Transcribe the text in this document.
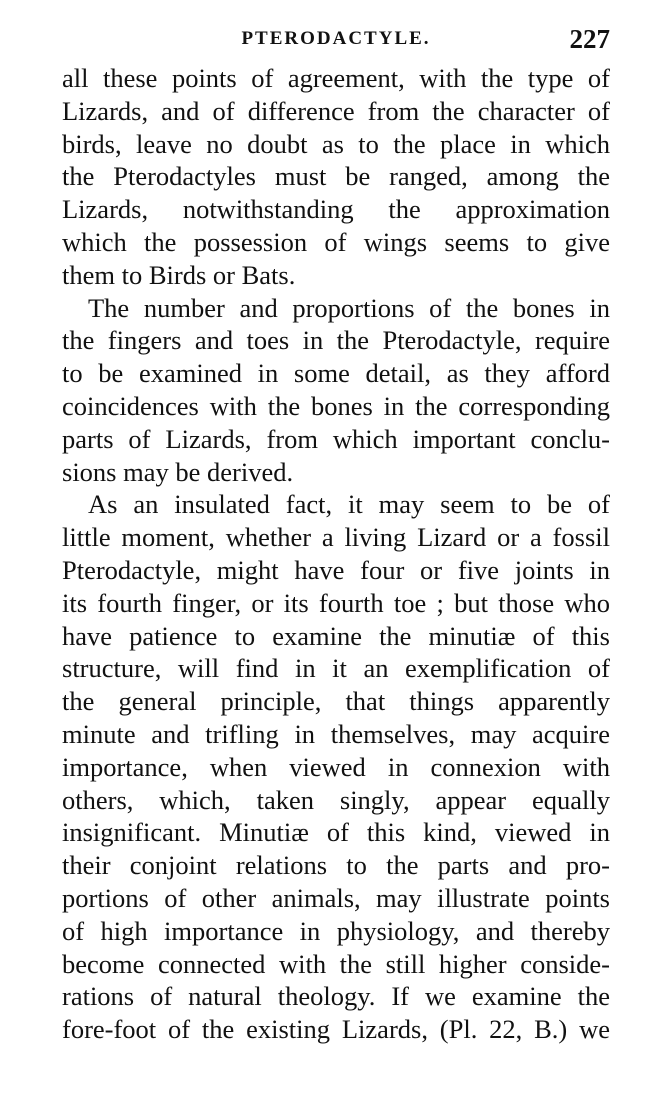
PTERODACTYLE.	227
all these points of agreement, with the type of
Lizards, and of difference from the character of
birds, leave no doubt as to the place in which
the Pterodactyles must be ranged, among the
Lizards, notwithstanding the approximation
which the possession of wings seems to give
them to Birds or Bats.
The number and proportions of the bones in
the fingers and toes in the Pterodactyle, require
to be examined in some detail, as they afford
coincidences with the bones in the corresponding
parts of Lizards, from which important conclu-
sions may be derived.
As an insulated fact, it may seem to be of
little moment, whether a living Lizard or a fossil
Pterodactyle, might have four or five joints in
its fourth finger, or its fourth toe ; but those who
have patience to examine the minutiæ of this
structure, will find in it an exemplification of
the general principle, that things apparently
minute and trifling in themselves, may acquire
importance, when viewed in connexion with
others, which, taken singly, appear equally
insignificant. Minutiæ of this kind, viewed in
their conjoint relations to the parts and pro-
portions of other animals, may illustrate points
of high importance in physiology, and thereby
become connected with the still higher conside-
rations of natural theology. If we examine the
fore-foot of the existing Lizards, (Pl. 22, B.) we
